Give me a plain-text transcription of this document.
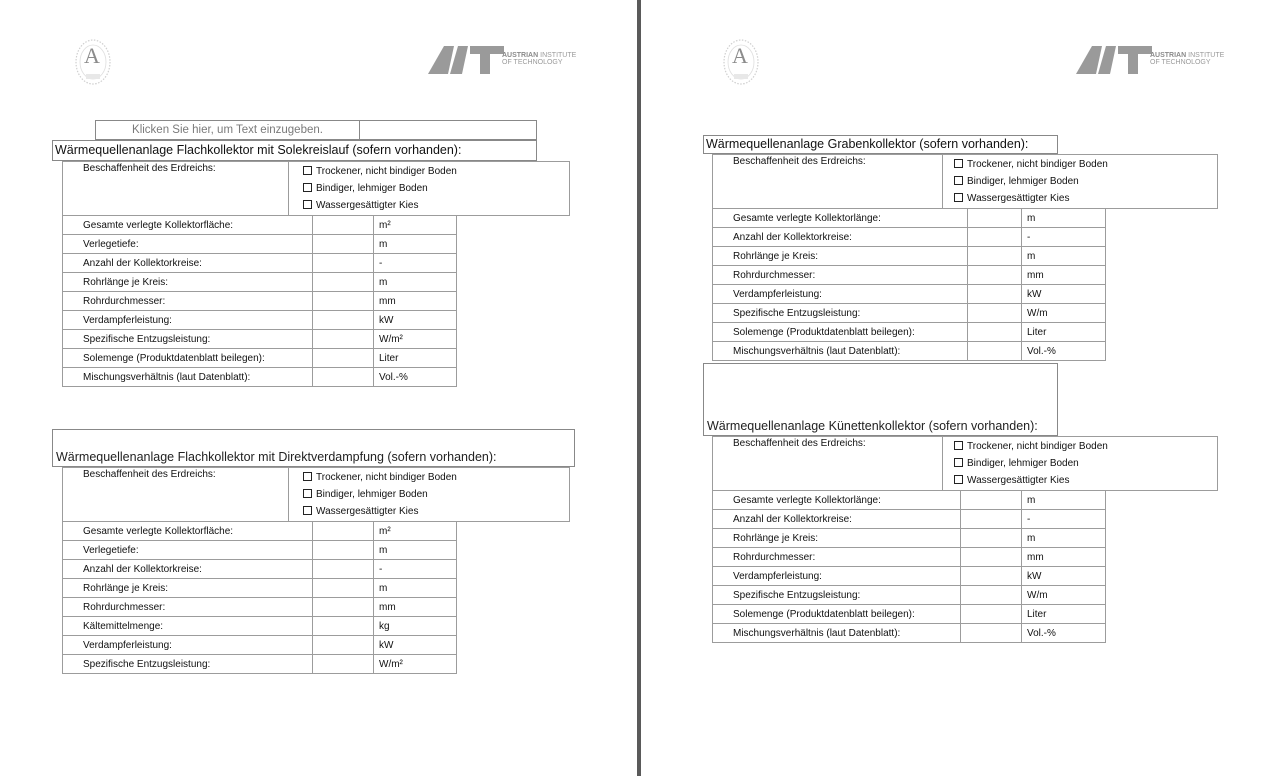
A	AUSTRIAN INSTITUTE
OF TECHNOLOGY
Klicken Sie hier, um Text einzugeben.
Wärmequellenanlage Flachkollektor mit Solekreislauf (sofern vorhanden):
Beschaffenheit des Erdreichs:	Trockener, nicht bindiger Boden
Bindiger, lehmiger Boden
Wassergesättigter Kies
Gesamte verlegte Kollektorfläche:		m²
Verlegetiefe:		m
Anzahl der Kollektorkreise:		-
Rohrlänge je Kreis:		m
Rohrdurchmesser:		mm
Verdampferleistung:		kW
Spezifische Entzugsleistung:		W/m²
Solemenge (Produktdatenblatt beilegen):		Liter
Mischungsverhältnis (laut Datenblatt):		Vol.-%
Wärmequellenanlage Flachkollektor mit Direktverdampfung (sofern vorhanden):
Beschaffenheit des Erdreichs:	Trockener, nicht bindiger Boden
Bindiger, lehmiger Boden
Wassergesättigter Kies
Gesamte verlegte Kollektorfläche:		m²
Verlegetiefe:		m
Anzahl der Kollektorkreise:		-
Rohrlänge je Kreis:		m
Rohrdurchmesser:		mm
Kältemittelmenge:		kg
Verdampferleistung:		kW
Spezifische Entzugsleistung:		W/m²
A	AUSTRIAN INSTITUTE
OF TECHNOLOGY
Wärmequellenanlage Grabenkollektor (sofern vorhanden):
Beschaffenheit des Erdreichs:	Trockener, nicht bindiger Boden
Bindiger, lehmiger Boden
Wassergesättigter Kies
Gesamte verlegte Kollektorlänge:		m
Anzahl der Kollektorkreise:		-
Rohrlänge je Kreis:		m
Rohrdurchmesser:		mm
Verdampferleistung:		kW
Spezifische Entzugsleistung:		W/m
Solemenge (Produktdatenblatt beilegen):		Liter
Mischungsverhältnis (laut Datenblatt):		Vol.-%
Wärmequellenanlage Künettenkollektor (sofern vorhanden):
Beschaffenheit des Erdreichs:	Trockener, nicht bindiger Boden
Bindiger, lehmiger Boden
Wassergesättigter Kies
Gesamte verlegte Kollektorlänge:		m
Anzahl der Kollektorkreise:		-
Rohrlänge je Kreis:		m
Rohrdurchmesser:		mm
Verdampferleistung:		kW
Spezifische Entzugsleistung:		W/m
Solemenge (Produktdatenblatt beilegen):		Liter
Mischungsverhältnis (laut Datenblatt):		Vol.-%
